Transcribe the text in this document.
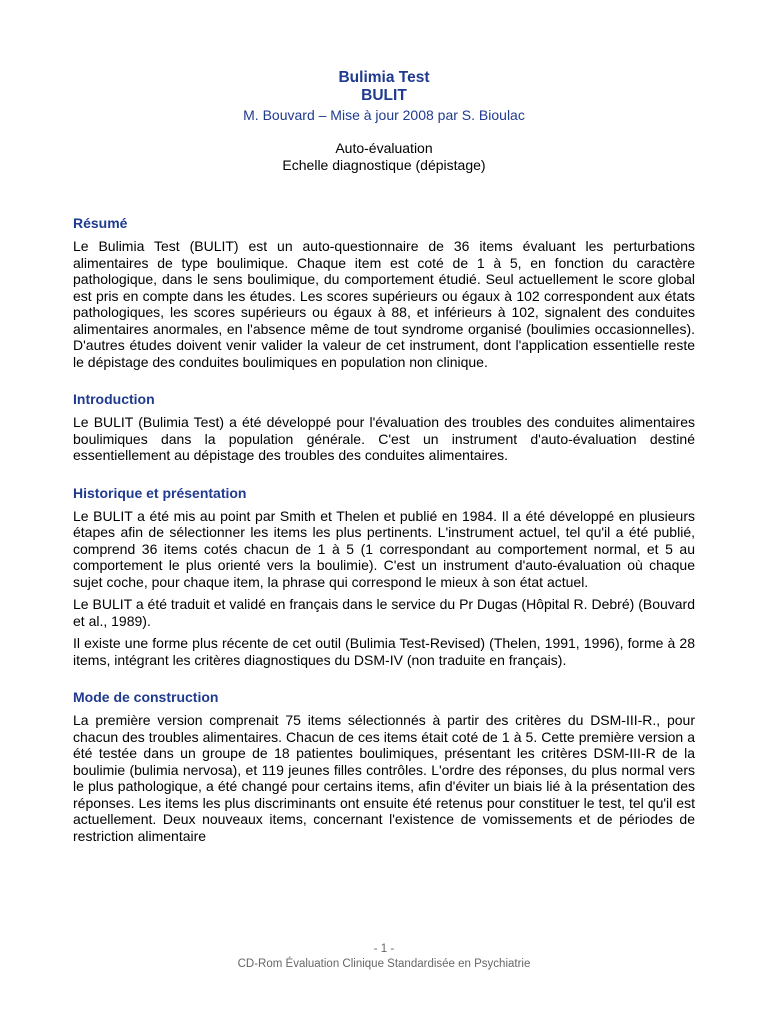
Bulimia Test
BULIT
M. Bouvard – Mise à jour 2008 par S. Bioulac
Auto-évaluation
Echelle diagnostique (dépistage)
Résumé

Le Bulimia Test (BULIT) est un auto-questionnaire de 36 items évaluant les perturbations alimentaires de type boulimique. Chaque item est coté de 1 à 5, en fonction du caractère pathologique, dans le sens boulimique, du comportement étudié. Seul actuellement le score global est pris en compte dans les études. Les scores supérieurs ou égaux à 102 correspondent aux états pathologiques, les scores supérieurs ou égaux à 88, et inférieurs à 102, signalent des conduites alimentaires anormales, en l'absence même de tout syndrome organisé (boulimies occasionnelles). D'autres études doivent venir valider la valeur de cet instrument, dont l'application essentielle reste le dépistage des conduites boulimiques en population non clinique.

Introduction

Le BULIT (Bulimia Test) a été développé pour l'évaluation des troubles des conduites alimentaires boulimiques dans la population générale. C'est un instrument d'auto-évaluation destiné essentiellement au dépistage des troubles des conduites alimentaires.

Historique et présentation

Le BULIT a été mis au point par Smith et Thelen et publié en 1984. Il a été développé en plusieurs étapes afin de sélectionner les items les plus pertinents. L'instrument actuel, tel qu'il a été publié, comprend 36 items cotés chacun de 1 à 5 (1 correspondant au comportement normal, et 5 au comportement le plus orienté vers la boulimie). C'est un instrument d'auto-évaluation où chaque sujet coche, pour chaque item, la phrase qui correspond le mieux à son état actuel.

Le BULIT a été traduit et validé en français dans le service du Pr Dugas (Hôpital R. Debré) (Bouvard et al., 1989).

Il existe une forme plus récente de cet outil (Bulimia Test-Revised) (Thelen, 1991, 1996), forme à 28 items, intégrant les critères diagnostiques du DSM-IV (non traduite en français).

Mode de construction

La première version comprenait 75 items sélectionnés à partir des critères du DSM-III-R., pour chacun des troubles alimentaires. Chacun de ces items était coté de 1 à 5. Cette première version a été testée dans un groupe de 18 patientes boulimiques, présentant les critères DSM-III-R de la boulimie (bulimia nervosa), et 119 jeunes filles contrôles. L'ordre des réponses, du plus normal vers le plus pathologique, a été changé pour certains items, afin d'éviter un biais lié à la présentation des réponses. Les items les plus discriminants ont ensuite été retenus pour constituer le test, tel qu'il est actuellement. Deux nouveaux items, concernant l'existence de vomissements et de périodes de restriction alimentaire

- 1 -
CD-Rom Évaluation Clinique Standardisée en Psychiatrie
